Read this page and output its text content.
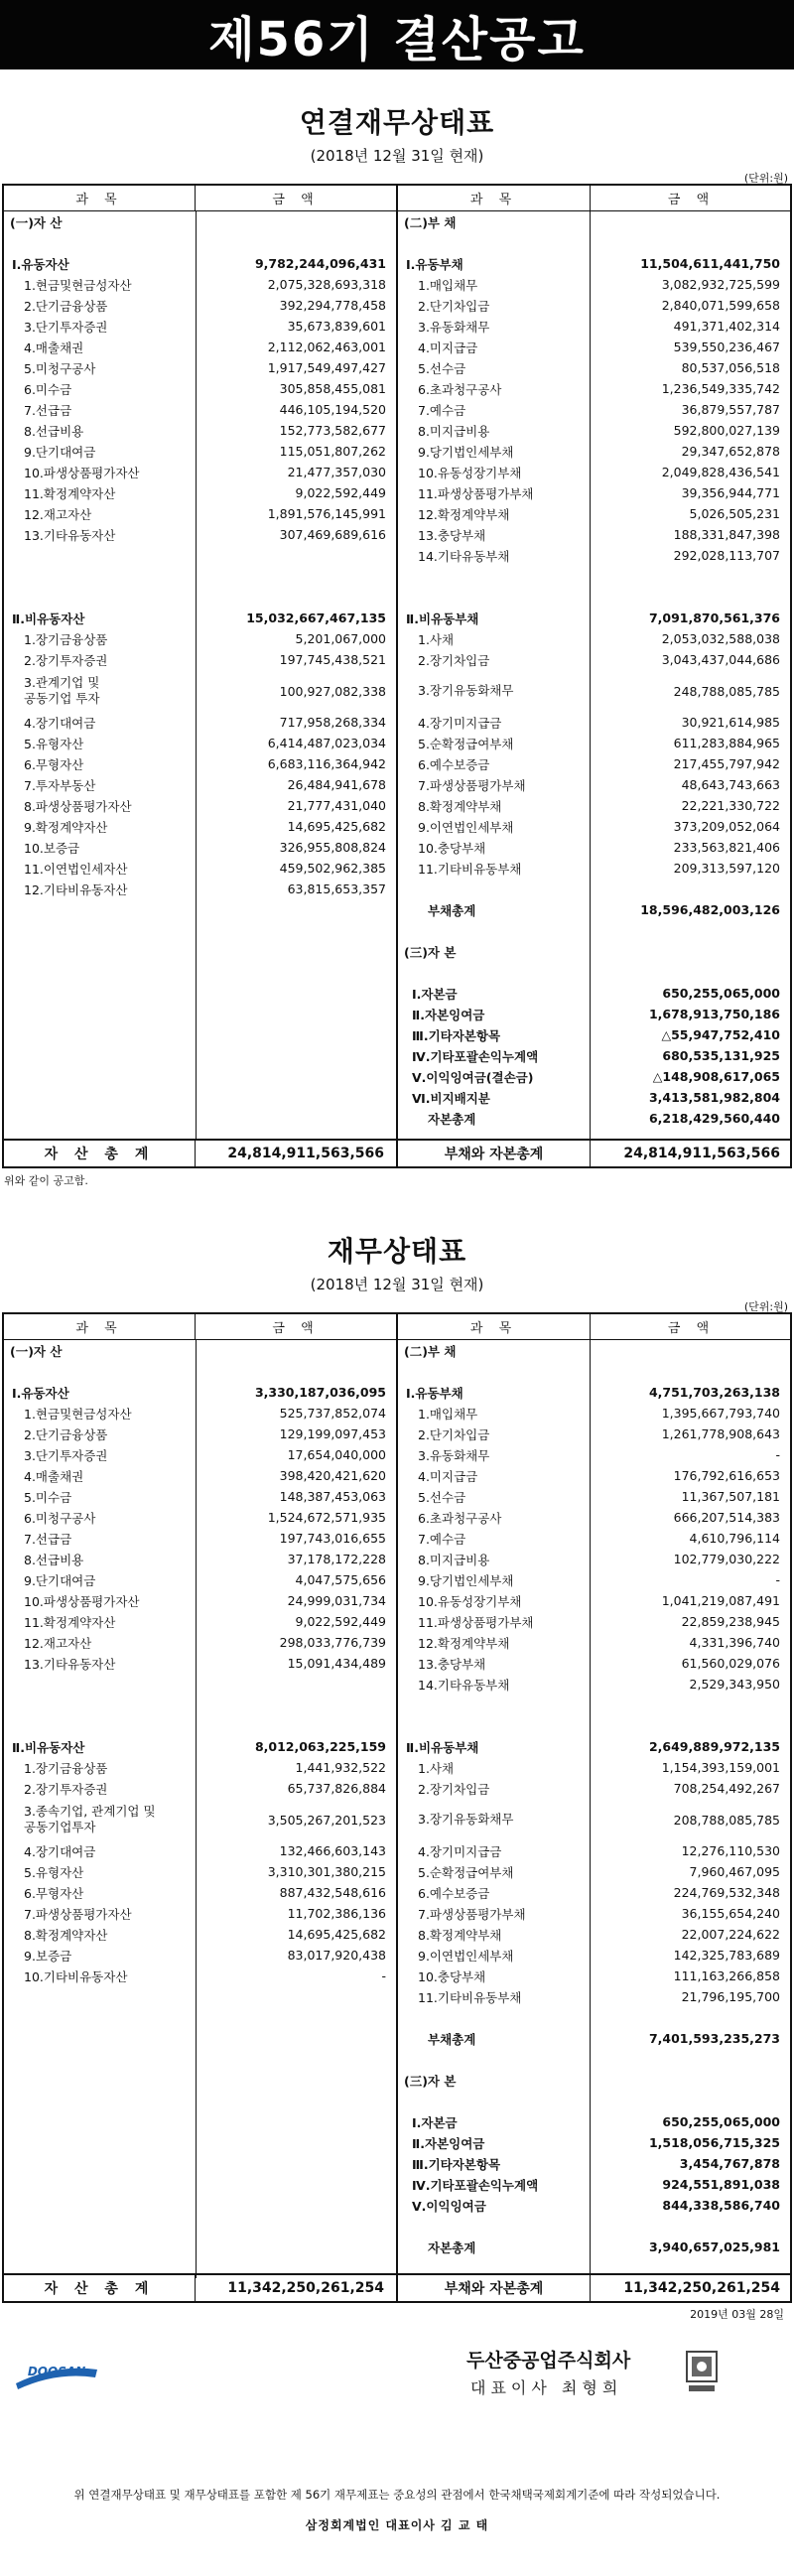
제56기 결산공고
연결재무상태표
(2018년 12월 31일 현재)
(단위:원)
과 목	금 액	과 목	금 액
(一)자 산
Ⅰ.유동자산	9,782,244,096,431
1.현금및현금성자산	2,075,328,693,318
2.단기금융상품	392,294,778,458
3.단기투자증권	35,673,839,601
4.매출채권	2,112,062,463,001
5.미청구공사	1,917,549,497,427
6.미수금	305,858,455,081
7.선급금	446,105,194,520
8.선급비용	152,773,582,677
9.단기대여금	115,051,807,262
10.파생상품평가자산	21,477,357,030
11.확정계약자산	9,022,592,449
12.재고자산	1,891,576,145,991
13.기타유동자산	307,469,689,616
Ⅱ.비유동자산	15,032,667,467,135
1.장기금융상품	5,201,067,000
2.장기투자증권	197,745,438,521
3.관계기업 및
공동기업 투자	100,927,082,338
4.장기대여금	717,958,268,334
5.유형자산	6,414,487,023,034
6.무형자산	6,683,116,364,942
7.투자부동산	26,484,941,678
8.파생상품평가자산	21,777,431,040
9.확정계약자산	14,695,425,682
10.보증금	326,955,808,824
11.이연법인세자산	459,502,962,385
12.기타비유동자산	63,815,653,357
(二)부 채
Ⅰ.유동부채	11,504,611,441,750
1.매입채무	3,082,932,725,599
2.단기차입금	2,840,071,599,658
3.유동화채무	491,371,402,314
4.미지급금	539,550,236,467
5.선수금	80,537,056,518
6.초과청구공사	1,236,549,335,742
7.예수금	36,879,557,787
8.미지급비용	592,800,027,139
9.당기법인세부채	29,347,652,878
10.유동성장기부채	2,049,828,436,541
11.파생상품평가부채	39,356,944,771
12.확정계약부채	5,026,505,231
13.충당부채	188,331,847,398
14.기타유동부채	292,028,113,707
Ⅱ.비유동부채	7,091,870,561,376
1.사채	2,053,032,588,038
2.장기차입금	3,043,437,044,686
3.장기유동화채무	248,788,085,785
4.장기미지급금	30,921,614,985
5.순확정급여부채	611,283,884,965
6.예수보증금	217,455,797,942
7.파생상품평가부채	48,643,743,663
8.확정계약부채	22,221,330,722
9.이연법인세부채	373,209,052,064
10.충당부채	233,563,821,406
11.기타비유동부채	209,313,597,120
부채총계	18,596,482,003,126
(三)자 본
Ⅰ.자본금	650,255,065,000
Ⅱ.자본잉여금	1,678,913,750,186
Ⅲ.기타자본항목	△55,947,752,410
Ⅳ.기타포괄손익누계액	680,535,131,925
Ⅴ.이익잉여금(결손금)	△148,908,617,065
Ⅵ.비지배지분	3,413,581,982,804
자본총계	6,218,429,560,440
자 산 총 계	24,814,911,563,566	부채와 자본총계	24,814,911,563,566
위와 같이 공고함.
재무상태표
(2018년 12월 31일 현재)
(단위:원)
과 목	금 액	과 목	금 액
(一)자 산
Ⅰ.유동자산	3,330,187,036,095
1.현금및현금성자산	525,737,852,074
2.단기금융상품	129,199,097,453
3.단기투자증권	17,654,040,000
4.매출채권	398,420,421,620
5.미수금	148,387,453,063
6.미청구공사	1,524,672,571,935
7.선급금	197,743,016,655
8.선급비용	37,178,172,228
9.단기대여금	4,047,575,656
10.파생상품평가자산	24,999,031,734
11.확정계약자산	9,022,592,449
12.재고자산	298,033,776,739
13.기타유동자산	15,091,434,489
Ⅱ.비유동자산	8,012,063,225,159
1.장기금융상품	1,441,932,522
2.장기투자증권	65,737,826,884
3.종속기업, 관계기업 및
공동기업투자	3,505,267,201,523
4.장기대여금	132,466,603,143
5.유형자산	3,310,301,380,215
6.무형자산	887,432,548,616
7.파생상품평가자산	11,702,386,136
8.확정계약자산	14,695,425,682
9.보증금	83,017,920,438
10.기타비유동자산	-
(二)부 채
Ⅰ.유동부채	4,751,703,263,138
1.매입채무	1,395,667,793,740
2.단기차입금	1,261,778,908,643
3.유동화채무	-
4.미지급금	176,792,616,653
5.선수금	11,367,507,181
6.초과청구공사	666,207,514,383
7.예수금	4,610,796,114
8.미지급비용	102,779,030,222
9.당기법인세부채	-
10.유동성장기부채	1,041,219,087,491
11.파생상품평가부채	22,859,238,945
12.확정계약부채	4,331,396,740
13.충당부채	61,560,029,076
14.기타유동부채	2,529,343,950
Ⅱ.비유동부채	2,649,889,972,135
1.사채	1,154,393,159,001
2.장기차입금	708,254,492,267
3.장기유동화채무	208,788,085,785
4.장기미지급금	12,276,110,530
5.순확정급여부채	7,960,467,095
6.예수보증금	224,769,532,348
7.파생상품평가부채	36,155,654,240
8.확정계약부채	22,007,224,622
9.이연법인세부채	142,325,783,689
10.충당부채	111,163,266,858
11.기타비유동부채	21,796,195,700
부채총계	7,401,593,235,273
(三)자 본
Ⅰ.자본금	650,255,065,000
Ⅱ.자본잉여금	1,518,056,715,325
Ⅲ.기타자본항목	3,454,767,878
Ⅳ.기타포괄손익누계액	924,551,891,038
Ⅴ.이익잉여금	844,338,586,740
자본총계	3,940,657,025,981
자 산 총 계	11,342,250,261,254	부채와 자본총계	11,342,250,261,254
2019년 03월 28일
DOOSAN	두산중공업주식회사
대표이사 최형희
위 연결재무상태표 및 재무상태표를 포함한 제 56기 재무제표는 중요성의 관점에서 한국채택국제회계기준에 따라 작성되었습니다.
삼정회계법인 대표이사 김 교 태
